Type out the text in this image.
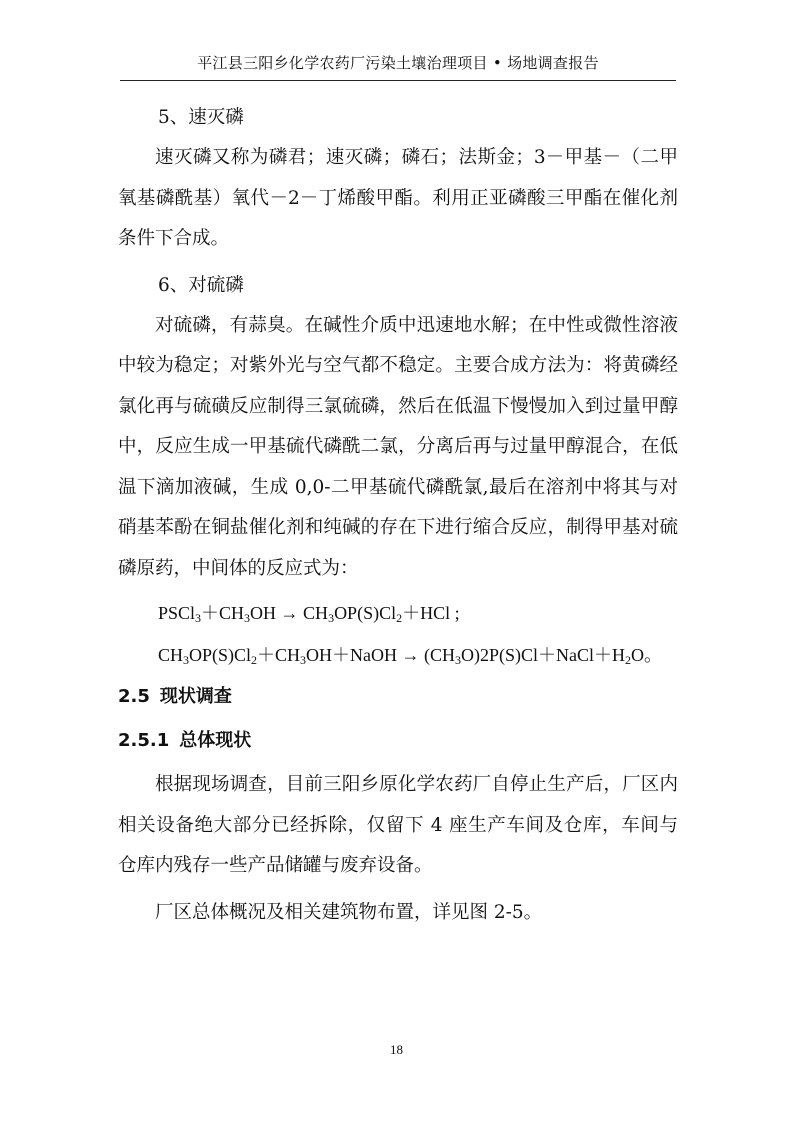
平江县三阳乡化学农药厂污染土壤治理项目 • 场地调查报告

5、速灭磷

速灭磷又称为磷君；速灭磷；磷石；法斯金；3－甲基－（二甲氧基磷酰基）氧代－2－丁烯酸甲酯。利用正亚磷酸三甲酯在催化剂条件下合成。

6、对硫磷

对硫磷，有蒜臭。在碱性介质中迅速地水解；在中性或微性溶液中较为稳定；对紫外光与空气都不稳定。主要合成方法为：将黄磷经氯化再与硫磺反应制得三氯硫磷，然后在低温下慢慢加入到过量甲醇中，反应生成一甲基硫代磷酰二氯，分离后再与过量甲醇混合，在低温下滴加液碱，生成 0,0-二甲基硫代磷酰氯,最后在溶剂中将其与对硝基苯酚在铜盐催化剂和纯碱的存在下进行缩合反应，制得甲基对硫磷原药，中间体的反应式为：

$PSCl_3+CH_3OH \to CH_3OP(S)Cl_2+HCl$ ;

$CH_3OP(S)Cl_2+CH_3OH+NaOH$ → $(CH_3O)2P(S)Cl+NaCl+H_2O$。

2.5 现状调查

2.5.1 总体现状

根据现场调查，目前三阳乡原化学农药厂自停止生产后，厂区内相关设备绝大部分已经拆除，仅留下 4 座生产车间及仓库，车间与仓库内残存一些产品储罐与废弃设备。

厂区总体概况及相关建筑物布置，详见图 2-5。

18
